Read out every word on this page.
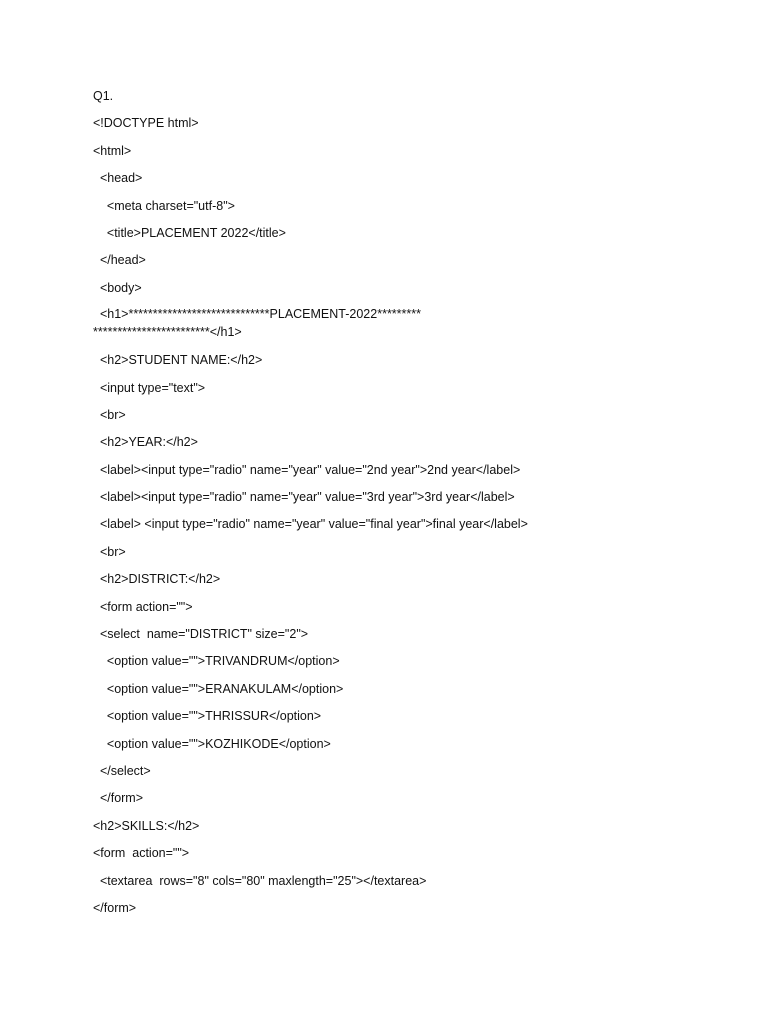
Q1.
<!DOCTYPE html>
<html>
<head>
<meta charset="utf-8">
<title>PLACEMENT 2022</title>
</head>
<body>
<h1>*****************************PLACEMENT-2022*********************************</h1>
<h2>STUDENT NAME:</h2>
<input type="text">
<br>
<h2>YEAR:</h2>
<label><input type="radio" name="year" value="2nd year">2nd year</label>
<label><input type="radio" name="year" value="3rd year">3rd year</label>
<label> <input type="radio" name="year" value="final year">final year</label>
<br>
<h2>DISTRICT:</h2>
<form action="">
<select  name="DISTRICT" size="2">
<option value="">TRIVANDRUM</option>
<option value="">ERANAKULAM</option>
<option value="">THRISSUR</option>
<option value="">KOZHIKODE</option>
</select>
</form>
<h2>SKILLS:</h2>
<form  action="">
<textarea  rows="8" cols="80" maxlength="25"></textarea>
</form>
